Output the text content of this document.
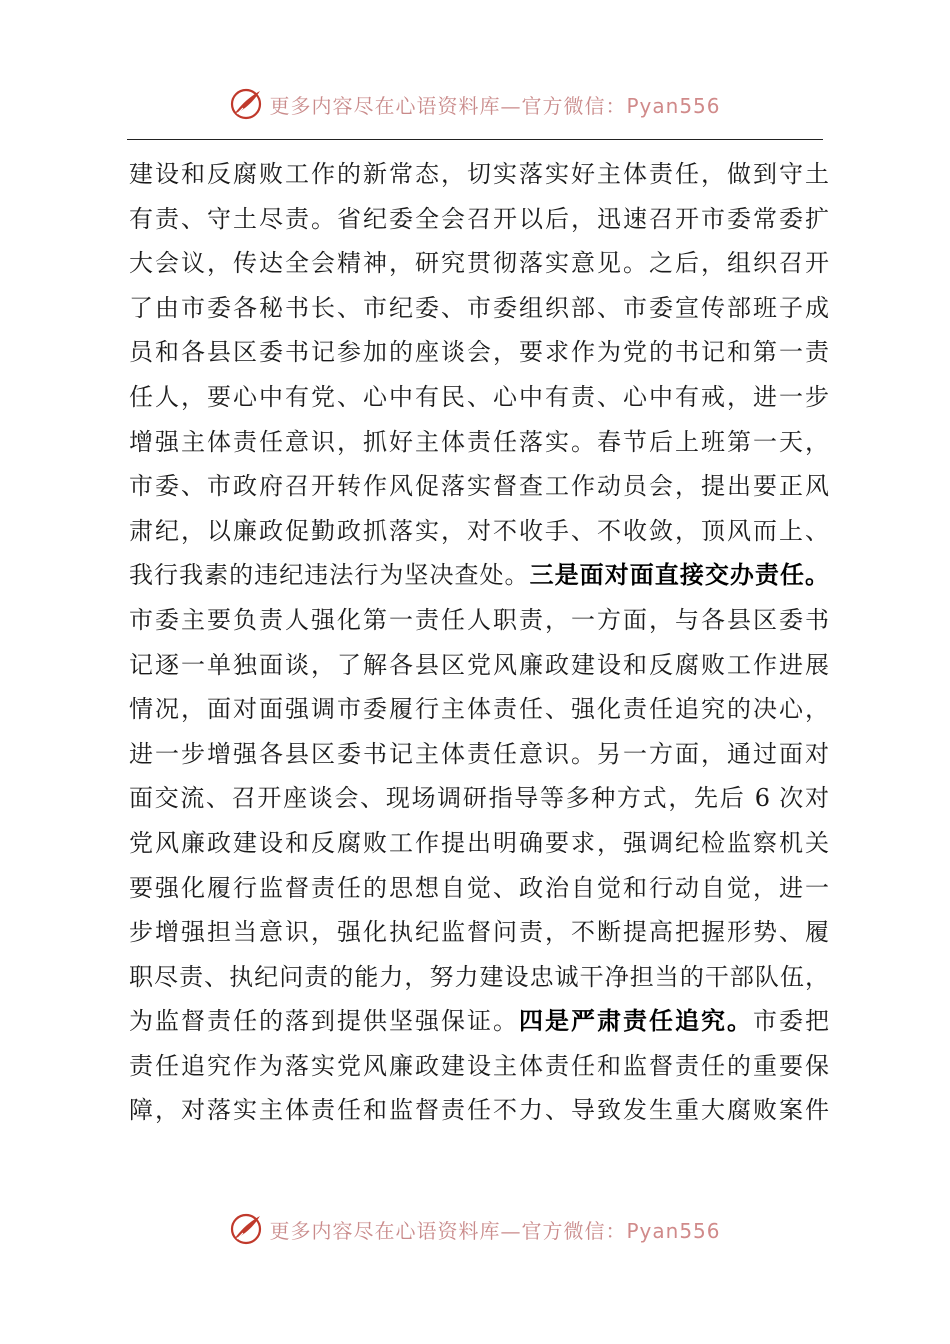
更多内容尽在心语资料库—官方微信：Pyan556
建设和反腐败工作的新常态，切实落实好主体责任，做到守土
有责、守土尽责。省纪委全会召开以后，迅速召开市委常委扩
大会议，传达全会精神，研究贯彻落实意见。之后，组织召开
了由市委各秘书长、市纪委、市委组织部、市委宣传部班子成
员和各县区委书记参加的座谈会，要求作为党的书记和第一责
任人，要心中有党、心中有民、心中有责、心中有戒，进一步
增强主体责任意识，抓好主体责任落实。春节后上班第一天，
市委、市政府召开转作风促落实督查工作动员会，提出要正风
肃纪，以廉政促勤政抓落实，对不收手、不收敛，顶风而上、
我行我素的违纪违法行为坚决查处。三是面对面直接交办责任。
市委主要负责人强化第一责任人职责，一方面，与各县区委书
记逐一单独面谈，了解各县区党风廉政建设和反腐败工作进展
情况，面对面强调市委履行主体责任、强化责任追究的决心，
进一步增强各县区委书记主体责任意识。另一方面，通过面对
面交流、召开座谈会、现场调研指导等多种方式，先后 6 次对
党风廉政建设和反腐败工作提出明确要求，强调纪检监察机关
要强化履行监督责任的思想自觉、政治自觉和行动自觉，进一
步增强担当意识，强化执纪监督问责，不断提高把握形势、履
职尽责、执纪问责的能力，努力建设忠诚干净担当的干部队伍，
为监督责任的落到提供坚强保证。四是严肃责任追究。市委把
责任追究作为落实党风廉政建设主体责任和监督责任的重要保
障，对落实主体责任和监督责任不力、导致发生重大腐败案件
更多内容尽在心语资料库—官方微信：Pyan556
